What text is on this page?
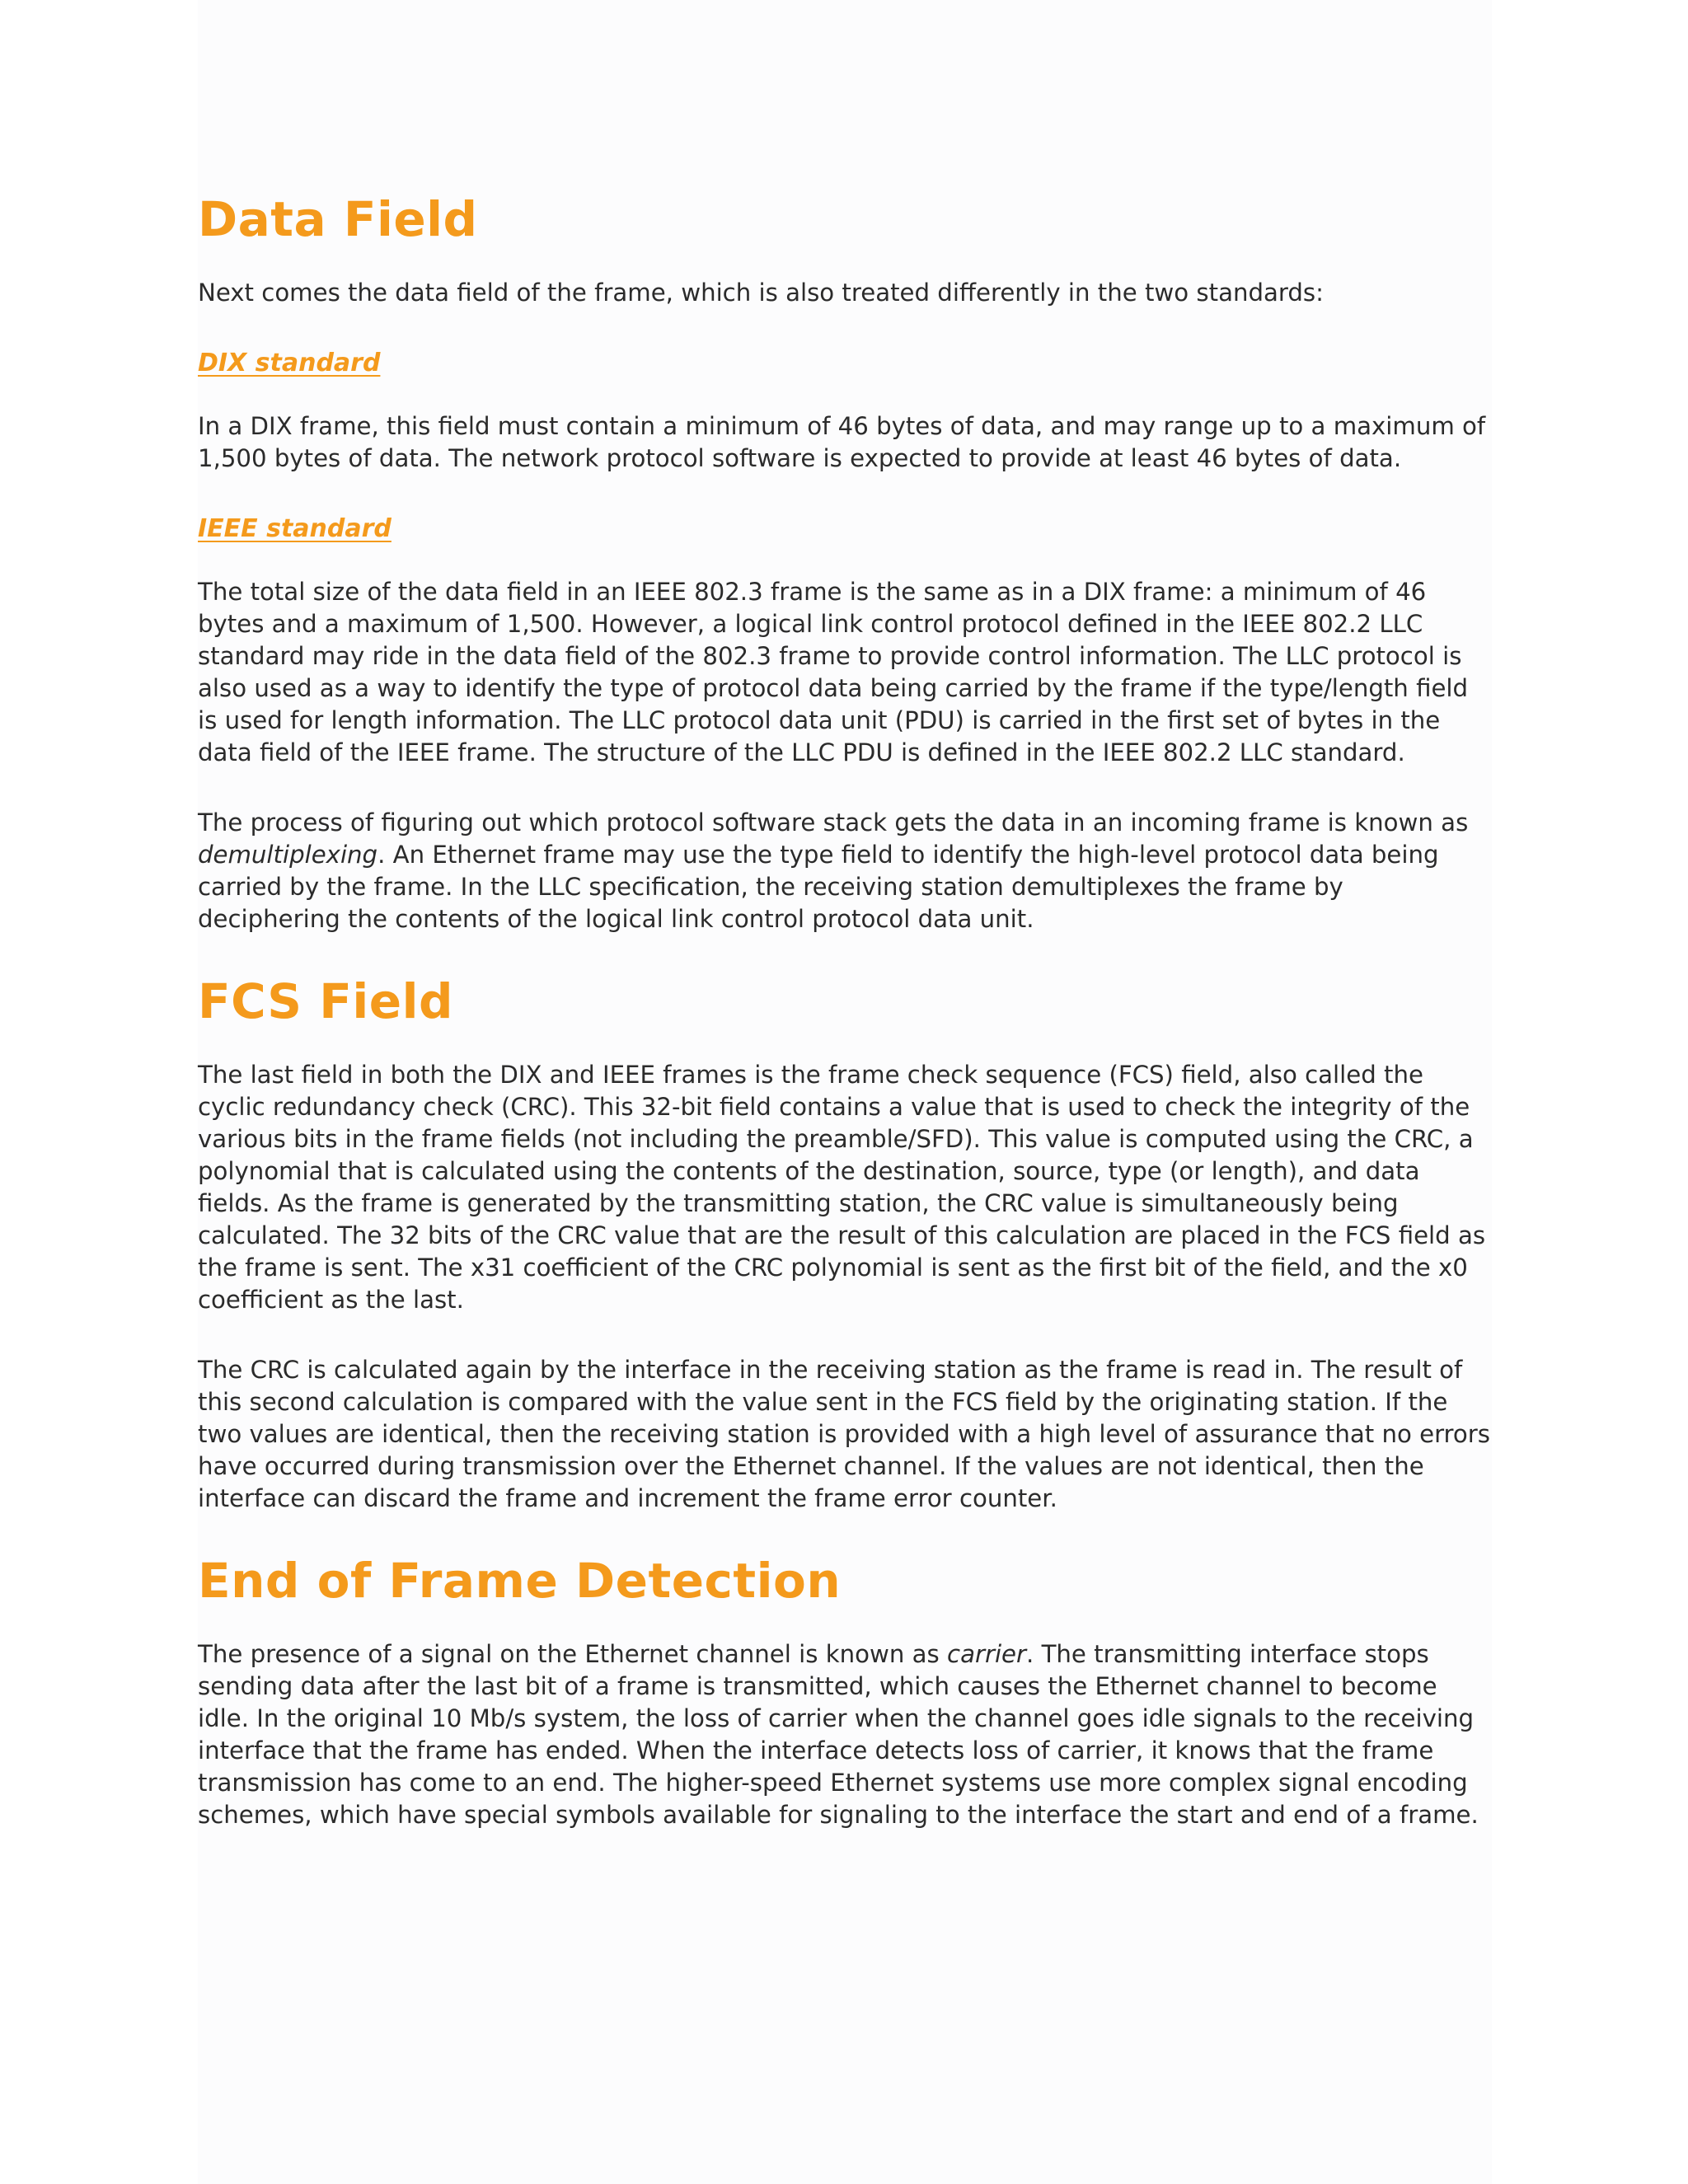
Data Field

Next comes the data field of the frame, which is also treated differently in the two standards:

DIX standard

In a DIX frame, this field must contain a minimum of 46 bytes of data, and may range up to a maximum of 1,500 bytes of data. The network protocol software is expected to provide at least 46 bytes of data.

IEEE standard

The total size of the data field in an IEEE 802.3 frame is the same as in a DIX frame: a minimum of 46 bytes and a maximum of 1,500. However, a logical link control protocol defined in the IEEE 802.2 LLC standard may ride in the data field of the 802.3 frame to provide control information. The LLC protocol is also used as a way to identify the type of protocol data being carried by the frame if the type/length field is used for length information. The LLC protocol data unit (PDU) is carried in the first set of bytes in the data field of the IEEE frame. The structure of the LLC PDU is defined in the IEEE 802.2 LLC standard.

The process of figuring out which protocol software stack gets the data in an incoming frame is known as demultiplexing. An Ethernet frame may use the type field to identify the high-level protocol data being carried by the frame. In the LLC specification, the receiving station demultiplexes the frame by deciphering the contents of the logical link control protocol data unit.

FCS Field

The last field in both the DIX and IEEE frames is the frame check sequence (FCS) field, also called the cyclic redundancy check (CRC). This 32-bit field contains a value that is used to check the integrity of the various bits in the frame fields (not including the preamble/SFD). This value is computed using the CRC, a polynomial that is calculated using the contents of the destination, source, type (or length), and data fields. As the frame is generated by the transmitting station, the CRC value is simultaneously being calculated. The 32 bits of the CRC value that are the result of this calculation are placed in the FCS field as the frame is sent. The x31 coefficient of the CRC polynomial is sent as the first bit of the field, and the x0 coefficient as the last.

The CRC is calculated again by the interface in the receiving station as the frame is read in. The result of this second calculation is compared with the value sent in the FCS field by the originating station. If the two values are identical, then the receiving station is provided with a high level of assurance that no errors have occurred during transmission over the Ethernet channel. If the values are not identical, then the interface can discard the frame and increment the frame error counter.

End of Frame Detection

The presence of a signal on the Ethernet channel is known as carrier. The transmitting interface stops sending data after the last bit of a frame is transmitted, which causes the Ethernet channel to become idle. In the original 10 Mb/s system, the loss of carrier when the channel goes idle signals to the receiving interface that the frame has ended. When the interface detects loss of carrier, it knows that the frame transmission has come to an end. The higher-speed Ethernet systems use more complex signal encoding schemes, which have special symbols available for signaling to the interface the start and end of a frame.
